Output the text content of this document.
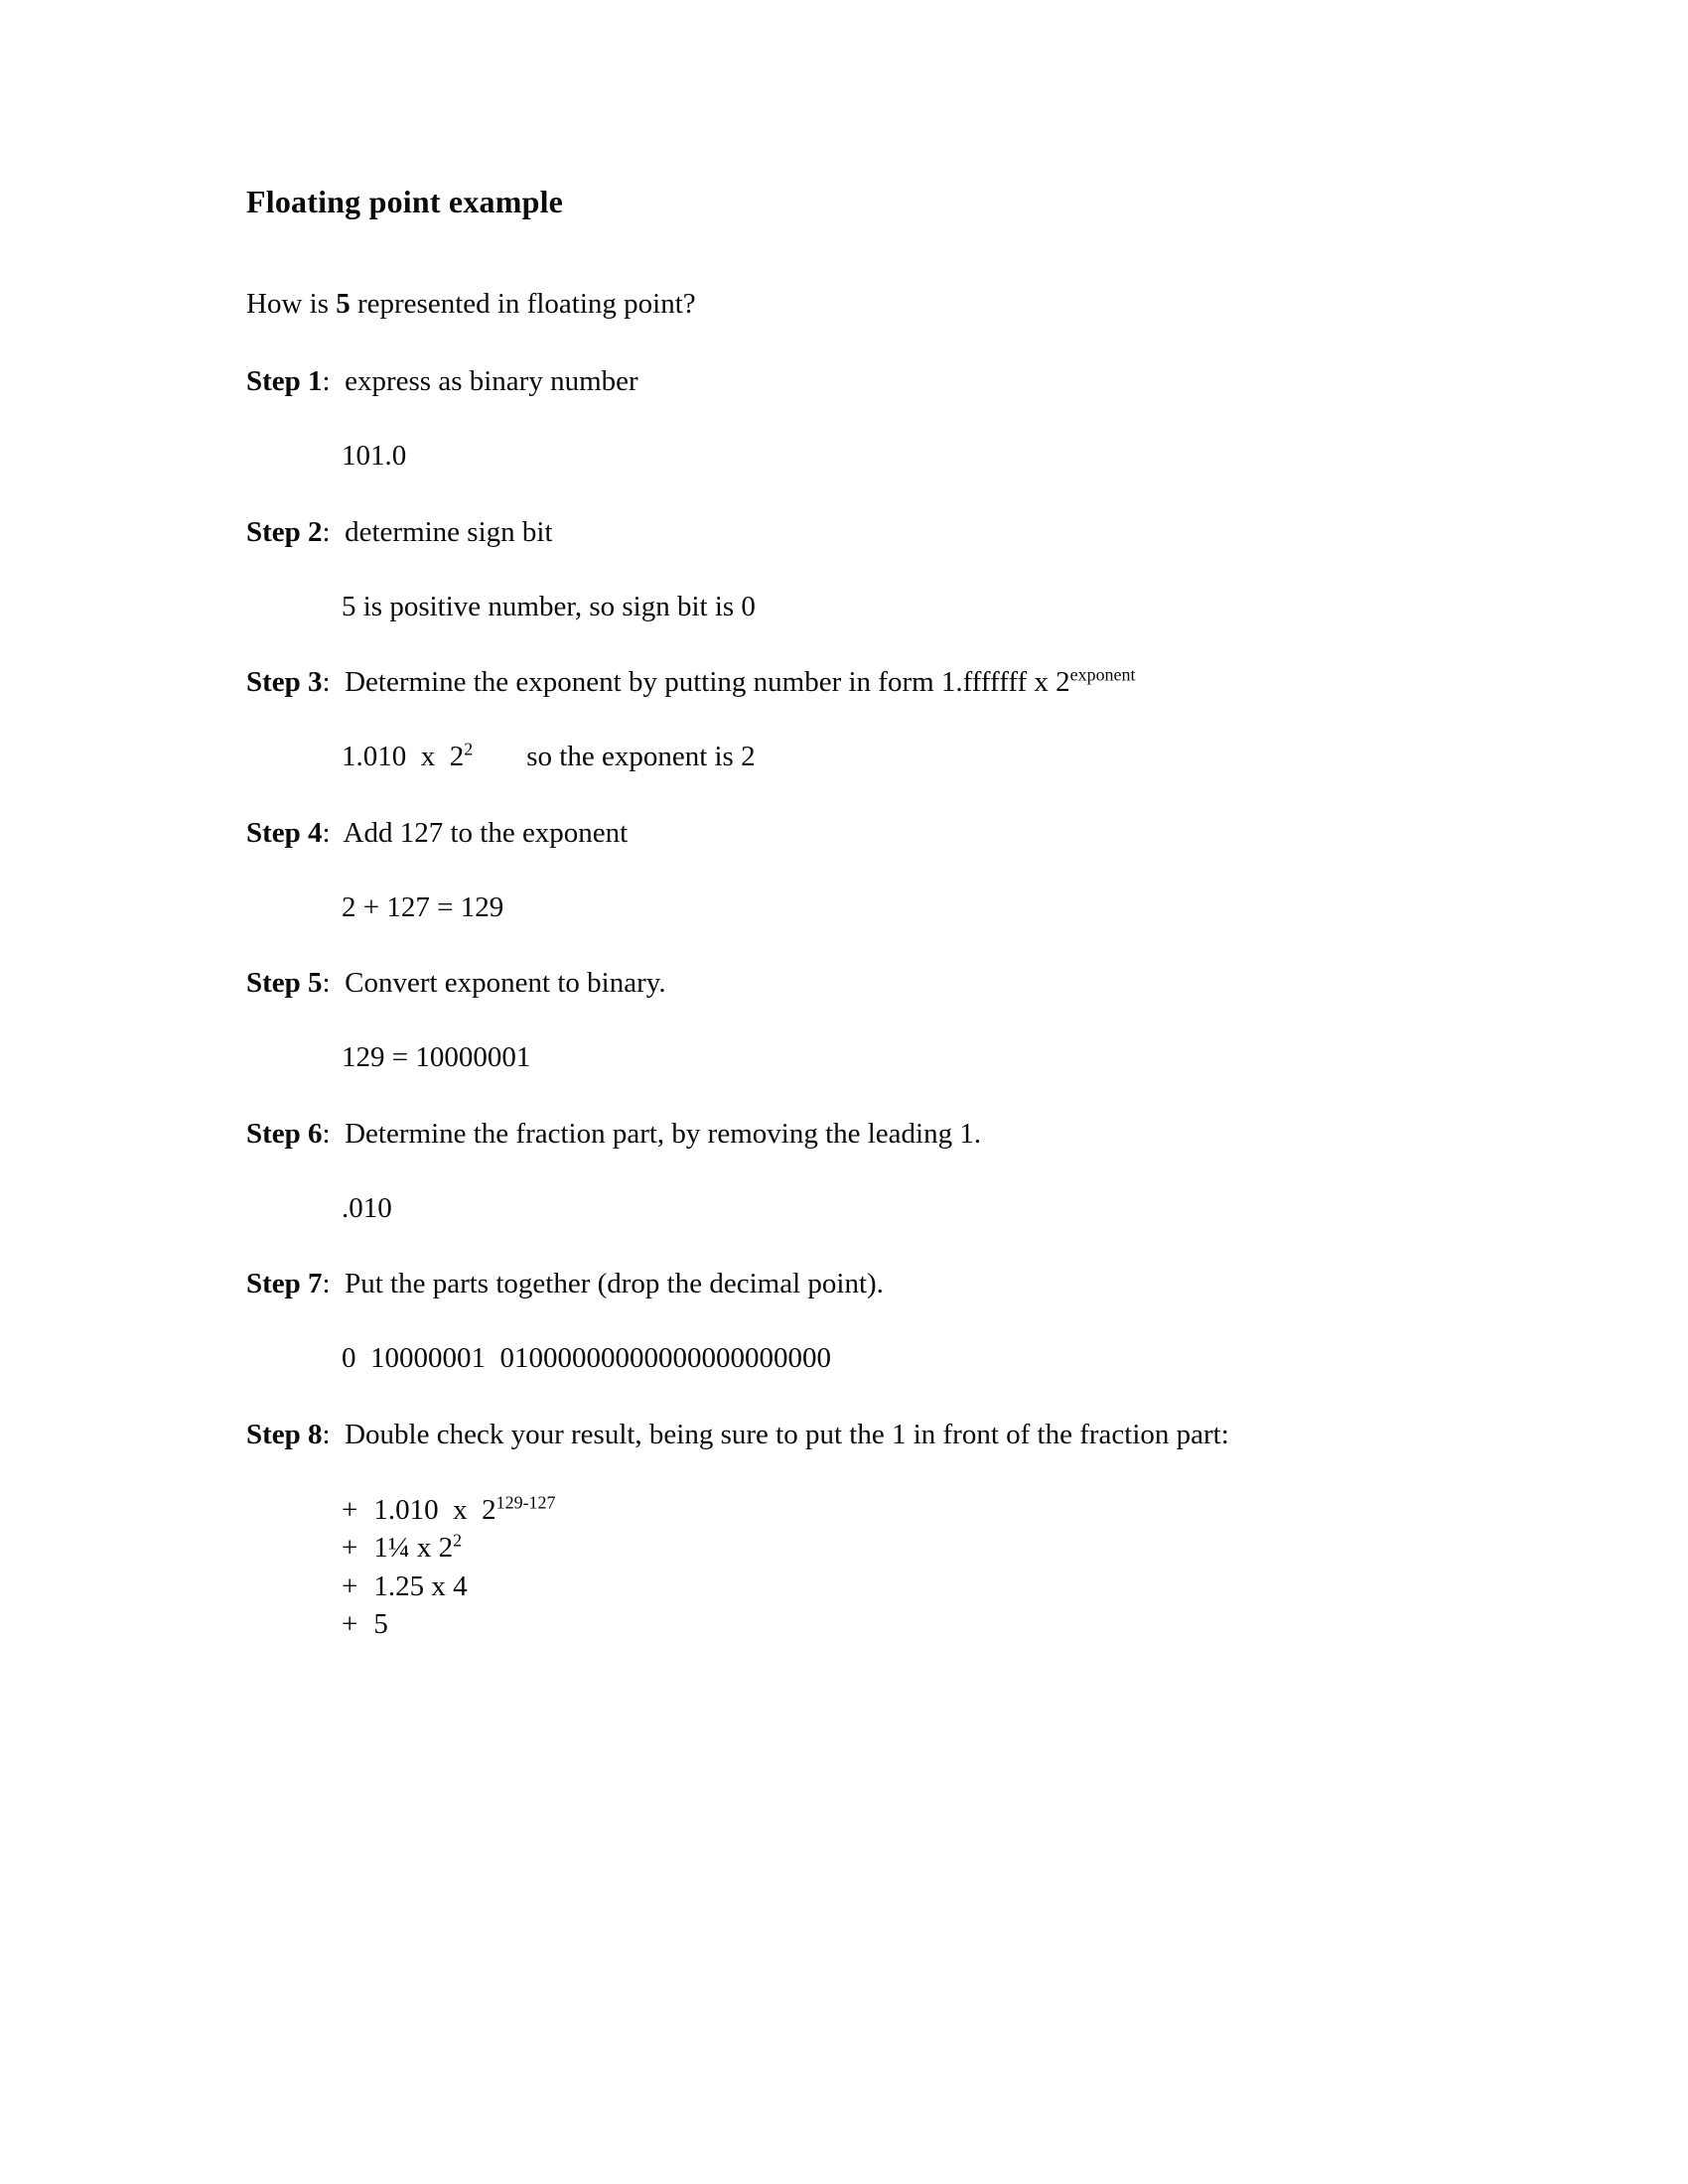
Floating point example

How is 5 represented in floating point?

Step 1:  express as binary number

101.0

Step 2:  determine sign bit

5 is positive number, so sign bit is 0

Step 3:  Determine the exponent by putting number in form 1.fffffff x $2^{exponent}$

1.010  x  $2^2$ so the exponent is 2

Step 4:  Add 127 to the exponent

2 + 127 = 129

Step 5:  Convert exponent to binary.

129 = 10000001

Step 6:  Determine the fraction part, by removing the leading 1.

.010

Step 7:  Put the parts together (drop the decimal point).

0  10000001  01000000000000000000000

Step 8:  Double check your result, being sure to put the 1 in front of the fraction part:

+ 1.010  x  $2^{129-127}$
+ 1¼ x $2^2$
+ 1.25 x 4
+ 5
